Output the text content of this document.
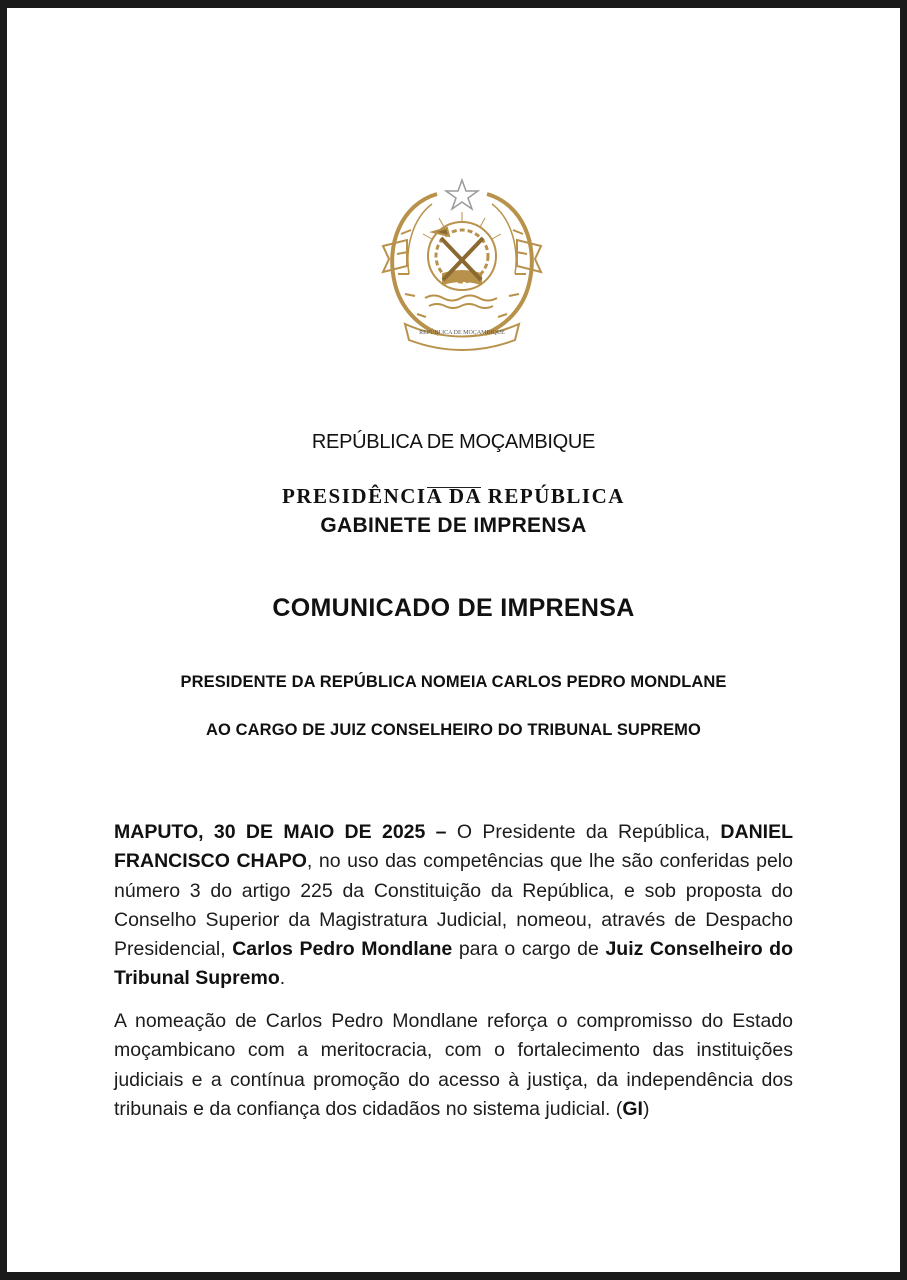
REPÚBLICA DE MOÇAMBIQUE
REPÚBLICA DE MOÇAMBIQUE
PRESIDÊNCIA DA REPÚBLICA
GABINETE DE IMPRENSA
COMUNICADO DE IMPRENSA
PRESIDENTE DA REPÚBLICA NOMEIA CARLOS PEDRO MONDLANE
AO CARGO DE JUIZ CONSELHEIRO DO TRIBUNAL SUPREMO

MAPUTO, 30 DE MAIO DE 2025 – O Presidente da República, DANIEL FRANCISCO CHAPO, no uso das competências que lhe são conferidas pelo número 3 do artigo 225 da Constituição da República, e sob proposta do Conselho Superior da Magistratura Judicial, nomeou, através de Despacho Presidencial, Carlos Pedro Mondlane para o cargo de Juiz Conselheiro do Tribunal Supremo.

A nomeação de Carlos Pedro Mondlane reforça o compromisso do Estado moçambicano com a meritocracia, com o fortalecimento das instituições judiciais e a contínua promoção do acesso à justiça, da independência dos tribunais e da confiança dos cidadãos no sistema judicial. (GI)
